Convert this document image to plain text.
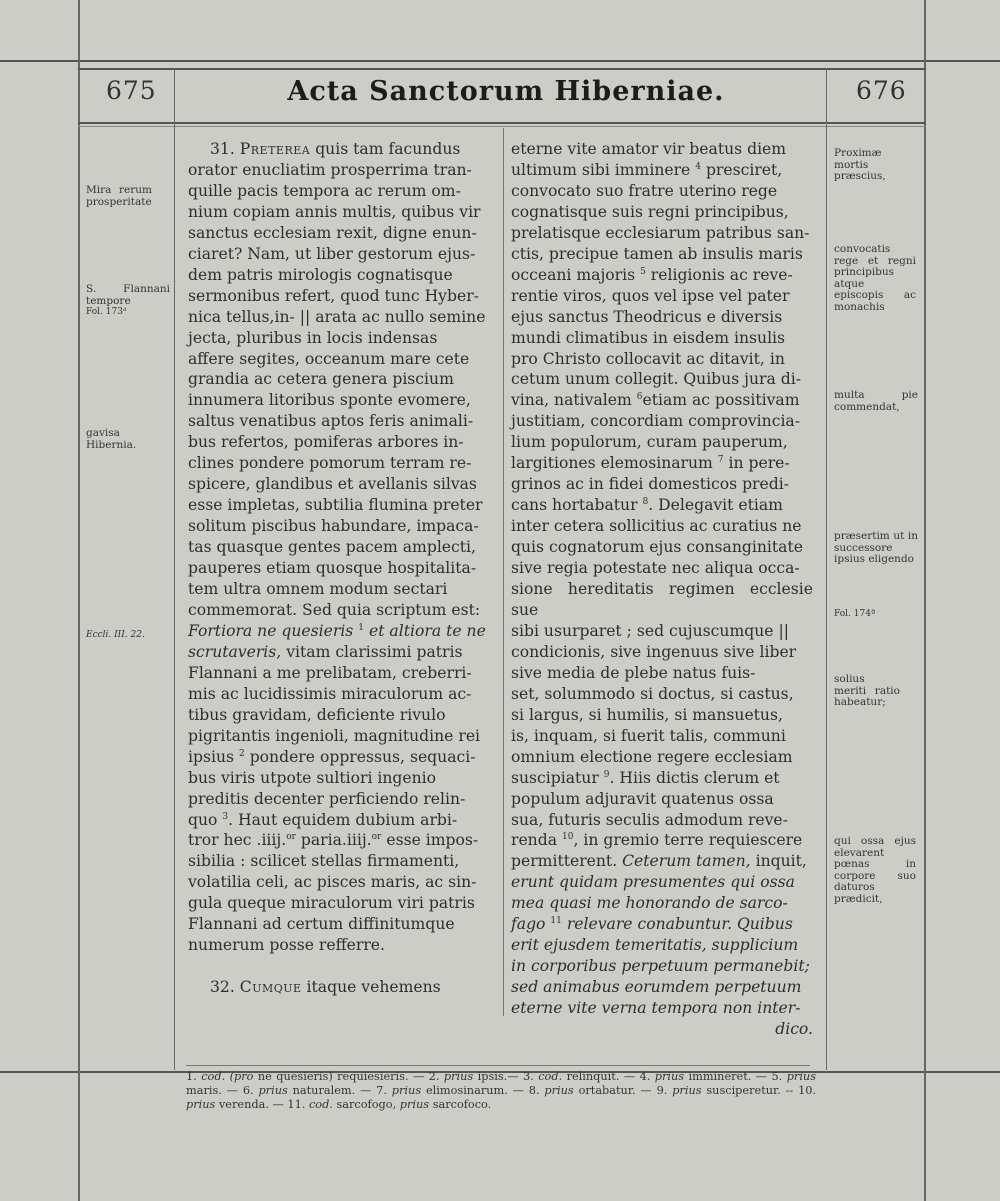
675	Acta Sanctorum Hiberniae.	676
Mira rerum prosperitate
S. Flannani tempore
Fol. 173ᵈ
gavisa Hibernia.
Eccli. III. 22.
Proximæ mortis præscius,
convocatis rege et regni principibus atque episcopis ac monachis
multa pie commendat,
præsertim ut in successore ipsius eligendo
Fol. 174ª
solius meriti ratio habeatur;
qui ossa ejus elevarent pœnas in corpore suo daturos prædicit,
31. Preterea quis tam facundus
orator enucliatim prosperrima tran-
quille pacis tempora ac rerum om-
nium copiam annis multis, quibus vir
sanctus ecclesiam rexit, digne enun-
ciaret? Nam, ut liber gestorum ejus-
dem patris mirologis cognatisque
sermonibus refert, quod tunc Hyber-
nica tellus,in- || arata ac nullo semine
jecta, pluribus in locis indensas
affere segites, occeanum mare cete
grandia ac cetera genera piscium
innumera litoribus sponte evomere,
saltus venatibus aptos feris animali-
bus refertos, pomiferas arbores in-
clines pondere pomorum terram re-
spicere, glandibus et avellanis silvas
esse impletas, subtilia flumina preter
solitum piscibus habundare, impaca-
tas quasque gentes pacem amplecti,
pauperes etiam quosque hospitalita-
tem ultra omnem modum sectari
commemorat. Sed quia scriptum est:
Fortiora ne quesieris $^1$ et altiora te ne
scrutaveris, vitam clarissimi patris
Flannani a me prelibatam, creberri-
mis ac lucidissimis miraculorum ac-
tibus gravidam, deficiente rivulo
pigritantis ingenioli, magnitudine rei
ipsius $^2$ pondere oppressus, sequaci-
bus viris utpote sultiori ingenio
preditis decenter perficiendo relin-
quo $^3$. Haut equidem dubium arbi-
tror hec .iiij.$^{or}$ paria.iiij.$^{or}$ esse impos-
sibilia : scilicet stellas firmamenti,
volatilia celi, ac pisces maris, ac sin-
gula queque miraculorum viri patris
Flannani ad certum diffinitumque
numerum posse refferre.
32. Cumque itaque vehemens
eterne vite amator vir beatus diem
ultimum sibi imminere $^4$ presciret,
convocato suo fratre uterino rege
cognatisque suis regni principibus,
prelatisque ecclesiarum patribus san-
ctis, precipue tamen ab insulis maris
occeani majoris $^5$ religionis ac reve-
rentie viros, quos vel ipse vel pater
ejus sanctus Theodricus e diversis
mundi climatibus in eisdem insulis
pro Christo collocavit ac ditavit, in
cetum unum collegit. Quibus jura di-
vina, nativalem $^6$etiam ac possitivam
justitiam, concordiam comprovincia-
lium populorum, curam pauperum,
largitiones elemosinarum $^7$ in pere-
grinos ac in fidei domesticos predi-
cans hortabatur $^8$. Delegavit etiam
inter cetera sollicitius ac curatius ne
quis cognatorum ejus consanginitate
sive regia potestate nec aliqua occa-
sione hereditatis regimen ecclesie sue
sibi usurparet ; sed cujuscumque ||
condicionis, sive ingenuus sive liber
sive media de plebe natus fuis-
set, solummodo si doctus, si castus,
si largus, si humilis, si mansuetus,
is, inquam, si fuerit talis, communi
omnium electione regere ecclesiam
suscipiatur $^9$. Hiis dictis clerum et
populum adjuravit quatenus ossa
sua, futuris seculis admodum reve-
renda $^{10}$, in gremio terre requiescere
permitterent. Ceterum tamen, inquit,
erunt quidam presumentes qui ossa
mea quasi me honorando de sarco-
fago $^{11}$ relevare conabuntur. Quibus
erit ejusdem temeritatis, supplicium
in corporibus perpetuum permanebit;
sed animabus eorumdem perpetuum
eterne vite verna tempora non inter-
dico.
1. cod. (pro ne quesieris) requiesieris. — 2. prius ipsis.— 3. cod. relinquit. — 4. prius immineret. — 5. prius maris. — 6. prius naturalem. — 7. prius elimosinarum. — 8. prius ortabatur. — 9. prius susciperetur. -- 10. prius verenda. — 11. cod. sarcofogo, prius sarcofoco.
